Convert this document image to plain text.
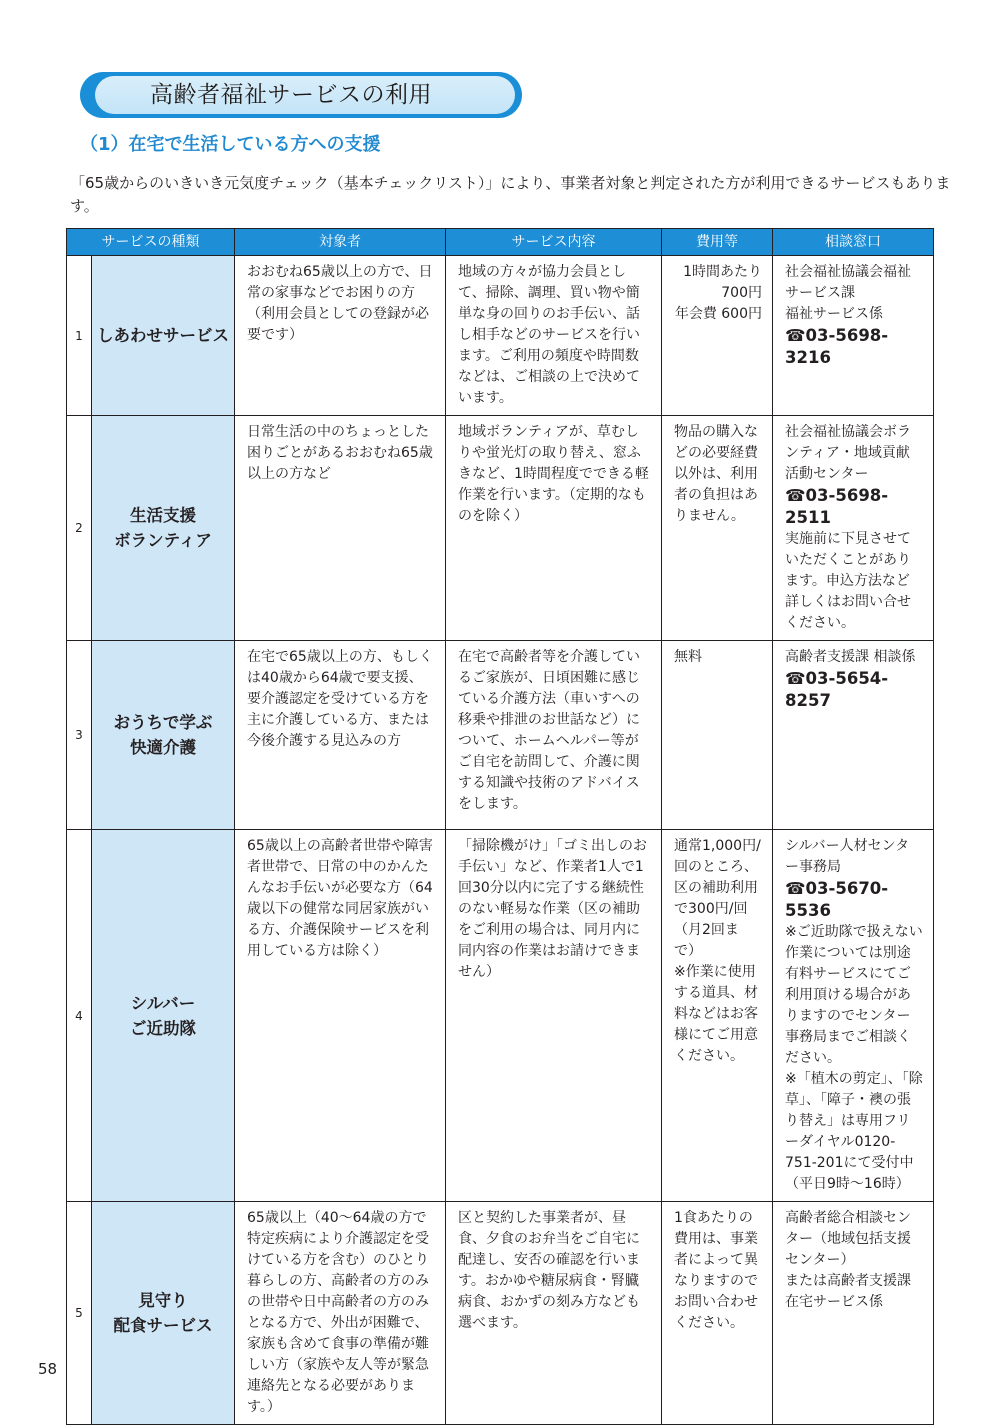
高齢者福祉サービスの利用
（1）在宅で生活している方への支援
「65歳からのいきいき元気度チェック（基本チェックリスト）」により、事業者対象と判定された方が利用できるサービスもあります。
サービスの種類		対象者	サービス内容	費用等	相談窓口
1	しあわせサービス	おおむね65歳以上の方で、日常の家事などでお困りの方（利用会員としての登録が必要です）	地域の方々が協力会員として、掃除、調理、買い物や簡単な身の回りのお手伝い、話し相手などのサービスを行います。ご利用の頻度や時間数などは、ご相談の上で決めています。	1時間あたり
700円
年会費 600円	社会福祉協議会福祉サービス課
福祉サービス係
☎03-5698-3216

2	生活支援
ボランティア	日常生活の中のちょっとした困りごとがあるおおむね65歳以上の方など	地域ボランティアが、草むしりや蛍光灯の取り替え、窓ふきなど、1時間程度でできる軽作業を行います。（定期的なものを除く）	物品の購入などの必要経費以外は、利用者の負担はありません。	社会福祉協議会ボランティア・地域貢献活動センター
☎03-5698-2511
実施前に下見させていただくことがあります。申込方法など詳しくはお問い合せください。
3	おうちで学ぶ
快適介護	在宅で65歳以上の方、もしくは40歳から64歳で要支援、要介護認定を受けている方を主に介護している方、または今後介護する見込みの方	在宅で高齢者等を介護しているご家族が、日頃困難に感じている介護方法（車いすへの移乗や排泄のお世話など）について、ホームヘルパー等がご自宅を訪問して、介護に関する知識や技術のアドバイスをします。	無料	高齢者支援課 相談係
☎03-5654-8257

4	シルバー
ご近助隊	65歳以上の高齢者世帯や障害者世帯で、日常の中のかんたんなお手伝いが必要な方（64歳以下の健常な同居家族がいる方、介護保険サービスを利用している方は除く）	「掃除機がけ」「ゴミ出しのお手伝い」など、作業者1人で1回30分以内に完了する継続性のない軽易な作業（区の補助をご利用の場合は、同月内に同内容の作業はお請けできません）	通常1,000円/回のところ、区の補助利用で300円/回（月2回まで）
※作業に使用する道具、材料などはお客様にてご用意ください。	シルバー人材センター事務局
☎03-5670-5536
※ご近助隊で扱えない作業については別途有料サービスにてご利用頂ける場合がありますのでセンター事務局までご相談ください。
※「植木の剪定」、「除草」、「障子・襖の張り替え」は専用フリーダイヤル0120-751-201にて受付中（平日9時〜16時）
5	見守り
配食サービス	65歳以上（40〜64歳の方で特定疾病により介護認定を受けている方を含む）のひとり暮らしの方、高齢者の方のみの世帯や日中高齢者の方のみとなる方で、外出が困難で、家族も含めて食事の準備が難しい方（家族や友人等が緊急連絡先となる必要があります。）	区と契約した事業者が、昼食、夕食のお弁当をご自宅に配達し、安否の確認を行います。おかゆや糖尿病食・腎臓病食、おかずの刻み方なども選べます。	1食あたりの費用は、事業者によって異なりますのでお問い合わせください。	高齢者総合相談センター（地域包括支援センター）
または高齢者支援課
在宅サービス係
58
